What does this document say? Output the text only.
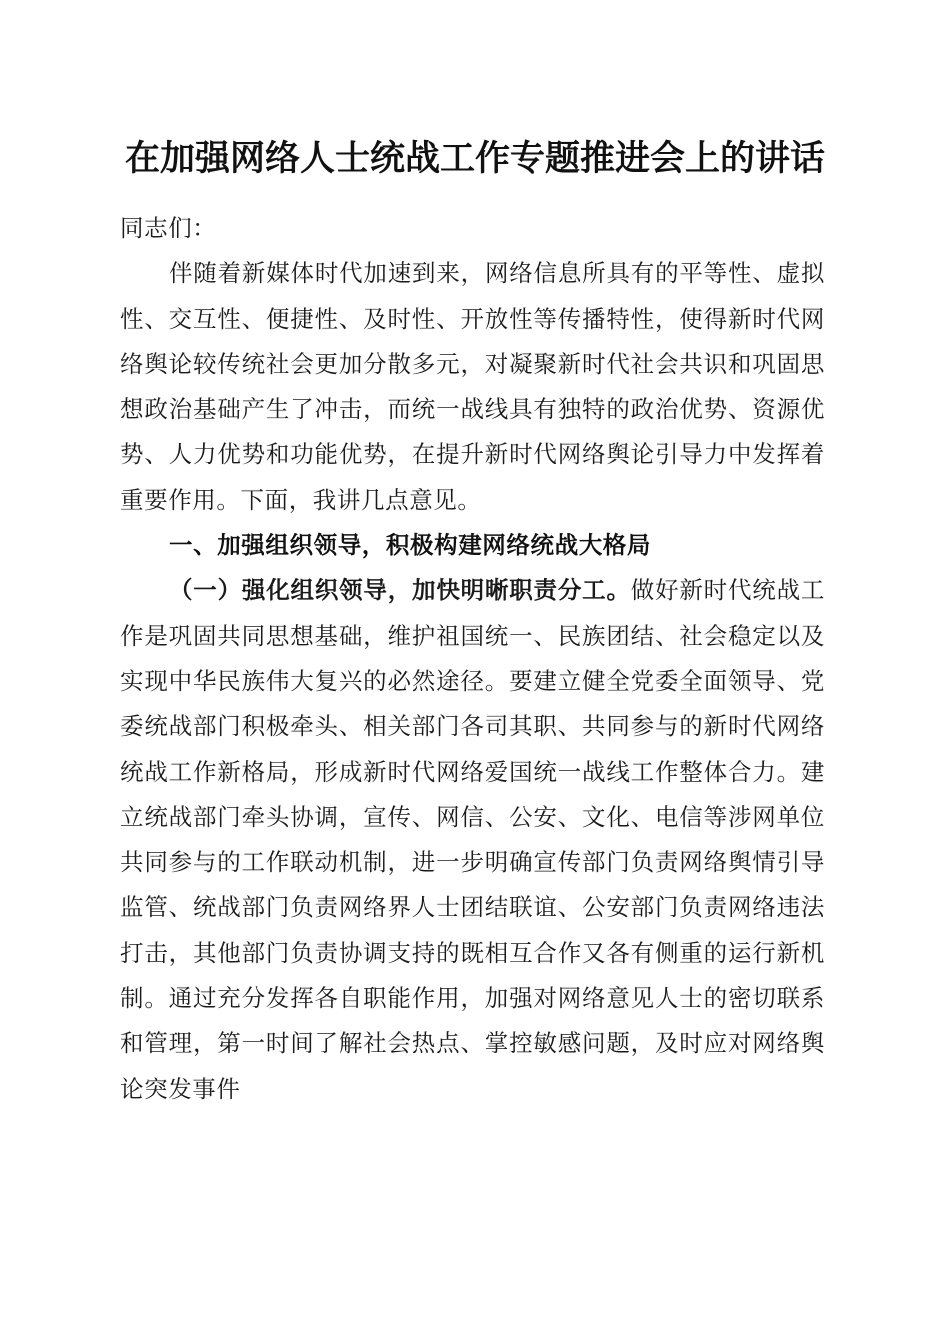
在加强网络人士统战工作专题推进会上的讲话

同志们：

伴随着新媒体时代加速到来，网络信息所具有的平等性、虚拟性、交互性、便捷性、及时性、开放性等传播特性，使得新时代网络舆论较传统社会更加分散多元，对凝聚新时代社会共识和巩固思想政治基础产生了冲击，而统一战线具有独特的政治优势、资源优势、人力优势和功能优势，在提升新时代网络舆论引导力中发挥着重要作用。下面，我讲几点意见。

一、加强组织领导，积极构建网络统战大格局

（一）强化组织领导，加快明晰职责分工。做好新时代统战工作是巩固共同思想基础，维护祖国统一、民族团结、社会稳定以及实现中华民族伟大复兴的必然途径。要建立健全党委全面领导、党委统战部门积极牵头、相关部门各司其职、共同参与的新时代网络统战工作新格局，形成新时代网络爱国统一战线工作整体合力。建立统战部门牵头协调，宣传、网信、公安、文化、电信等涉网单位共同参与的工作联动机制，进一步明确宣传部门负责网络舆情引导监管、统战部门负责网络界人士团结联谊、公安部门负责网络违法打击，其他部门负责协调支持的既相互合作又各有侧重的运行新机制。通过充分发挥各自职能作用，加强对网络意见人士的密切联系和管理，第一时间了解社会热点、掌控敏感问题，及时应对网络舆论突发事件
